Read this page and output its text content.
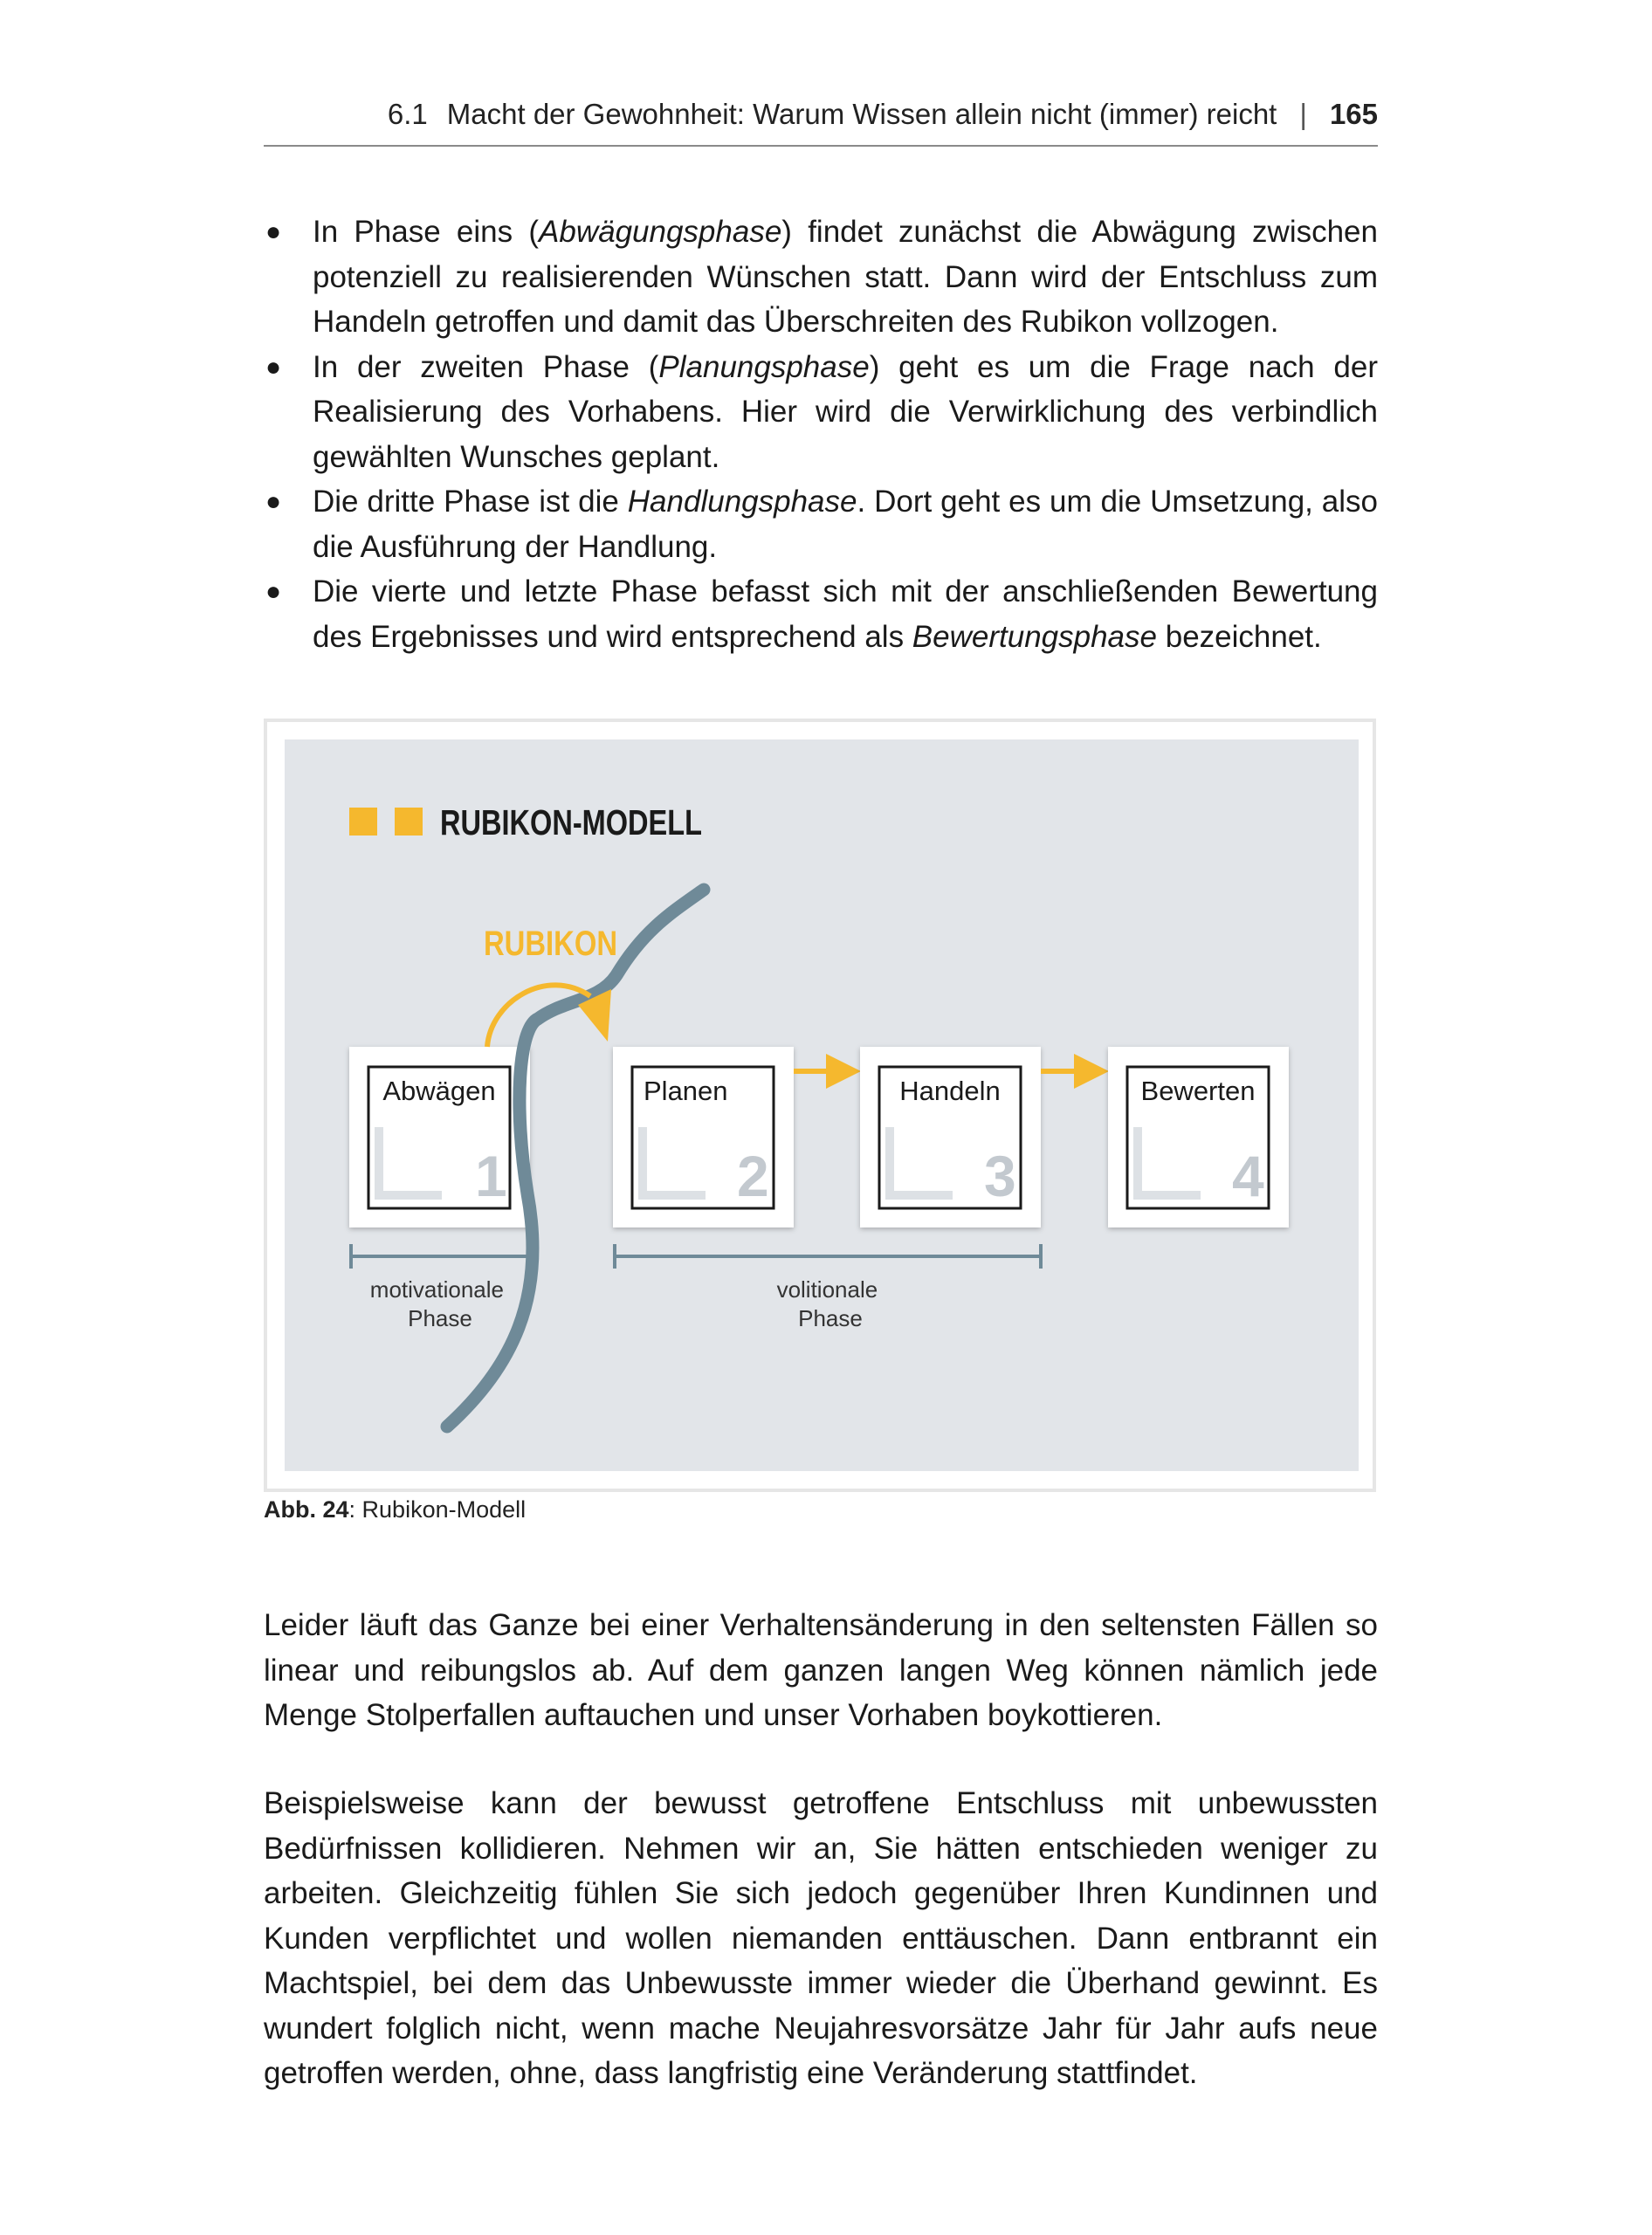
6.1 Macht der Gewohnheit: Warum Wissen allein nicht (immer) reicht | 165
● In Phase eins (Abwägungsphase) findet zunächst die Abwägung zwischen potenziell zu realisierenden Wünschen statt. Dann wird der Entschluss zum Handeln getroffen und damit das Überschreiten des Rubikon vollzogen.
● In der zweiten Phase (Planungsphase) geht es um die Frage nach der Realisierung des Vorhabens. Hier wird die Verwirklichung des verbindlich gewählten Wunsches geplant.
● Die dritte Phase ist die Handlungsphase. Dort geht es um die Umsetzung, also die Ausführung der Handlung.
● Die vierte und letzte Phase befasst sich mit der anschließenden Bewertung des Ergebnisses und wird entsprechend als Bewertungsphase bezeichnet.
RUBIKON-MODELL
RUBIKON
1
Abwägen
2
Planen
3
Handeln
4
Bewerten
motivationale Phase
volitionale Phase
Abb. 24: Rubikon-Modell

Leider läuft das Ganze bei einer Verhaltensänderung in den seltensten Fällen so linear und reibungslos ab. Auf dem ganzen langen Weg können nämlich jede Menge Stolperfallen auftauchen und unser Vorhaben boykottieren.

Beispielsweise kann der bewusst getroffene Entschluss mit unbewussten Bedürfnissen kollidieren. Nehmen wir an, Sie hätten entschieden weniger zu arbeiten. Gleichzeitig fühlen Sie sich jedoch gegenüber Ihren Kundinnen und Kunden verpflichtet und wollen niemanden enttäuschen. Dann entbrannt ein Machtspiel, bei dem das Unbewusste immer wieder die Überhand gewinnt. Es wundert folglich nicht, wenn mache Neujahresvorsätze Jahr für Jahr aufs neue getroffen werden, ohne, dass langfristig eine Veränderung stattfindet.
